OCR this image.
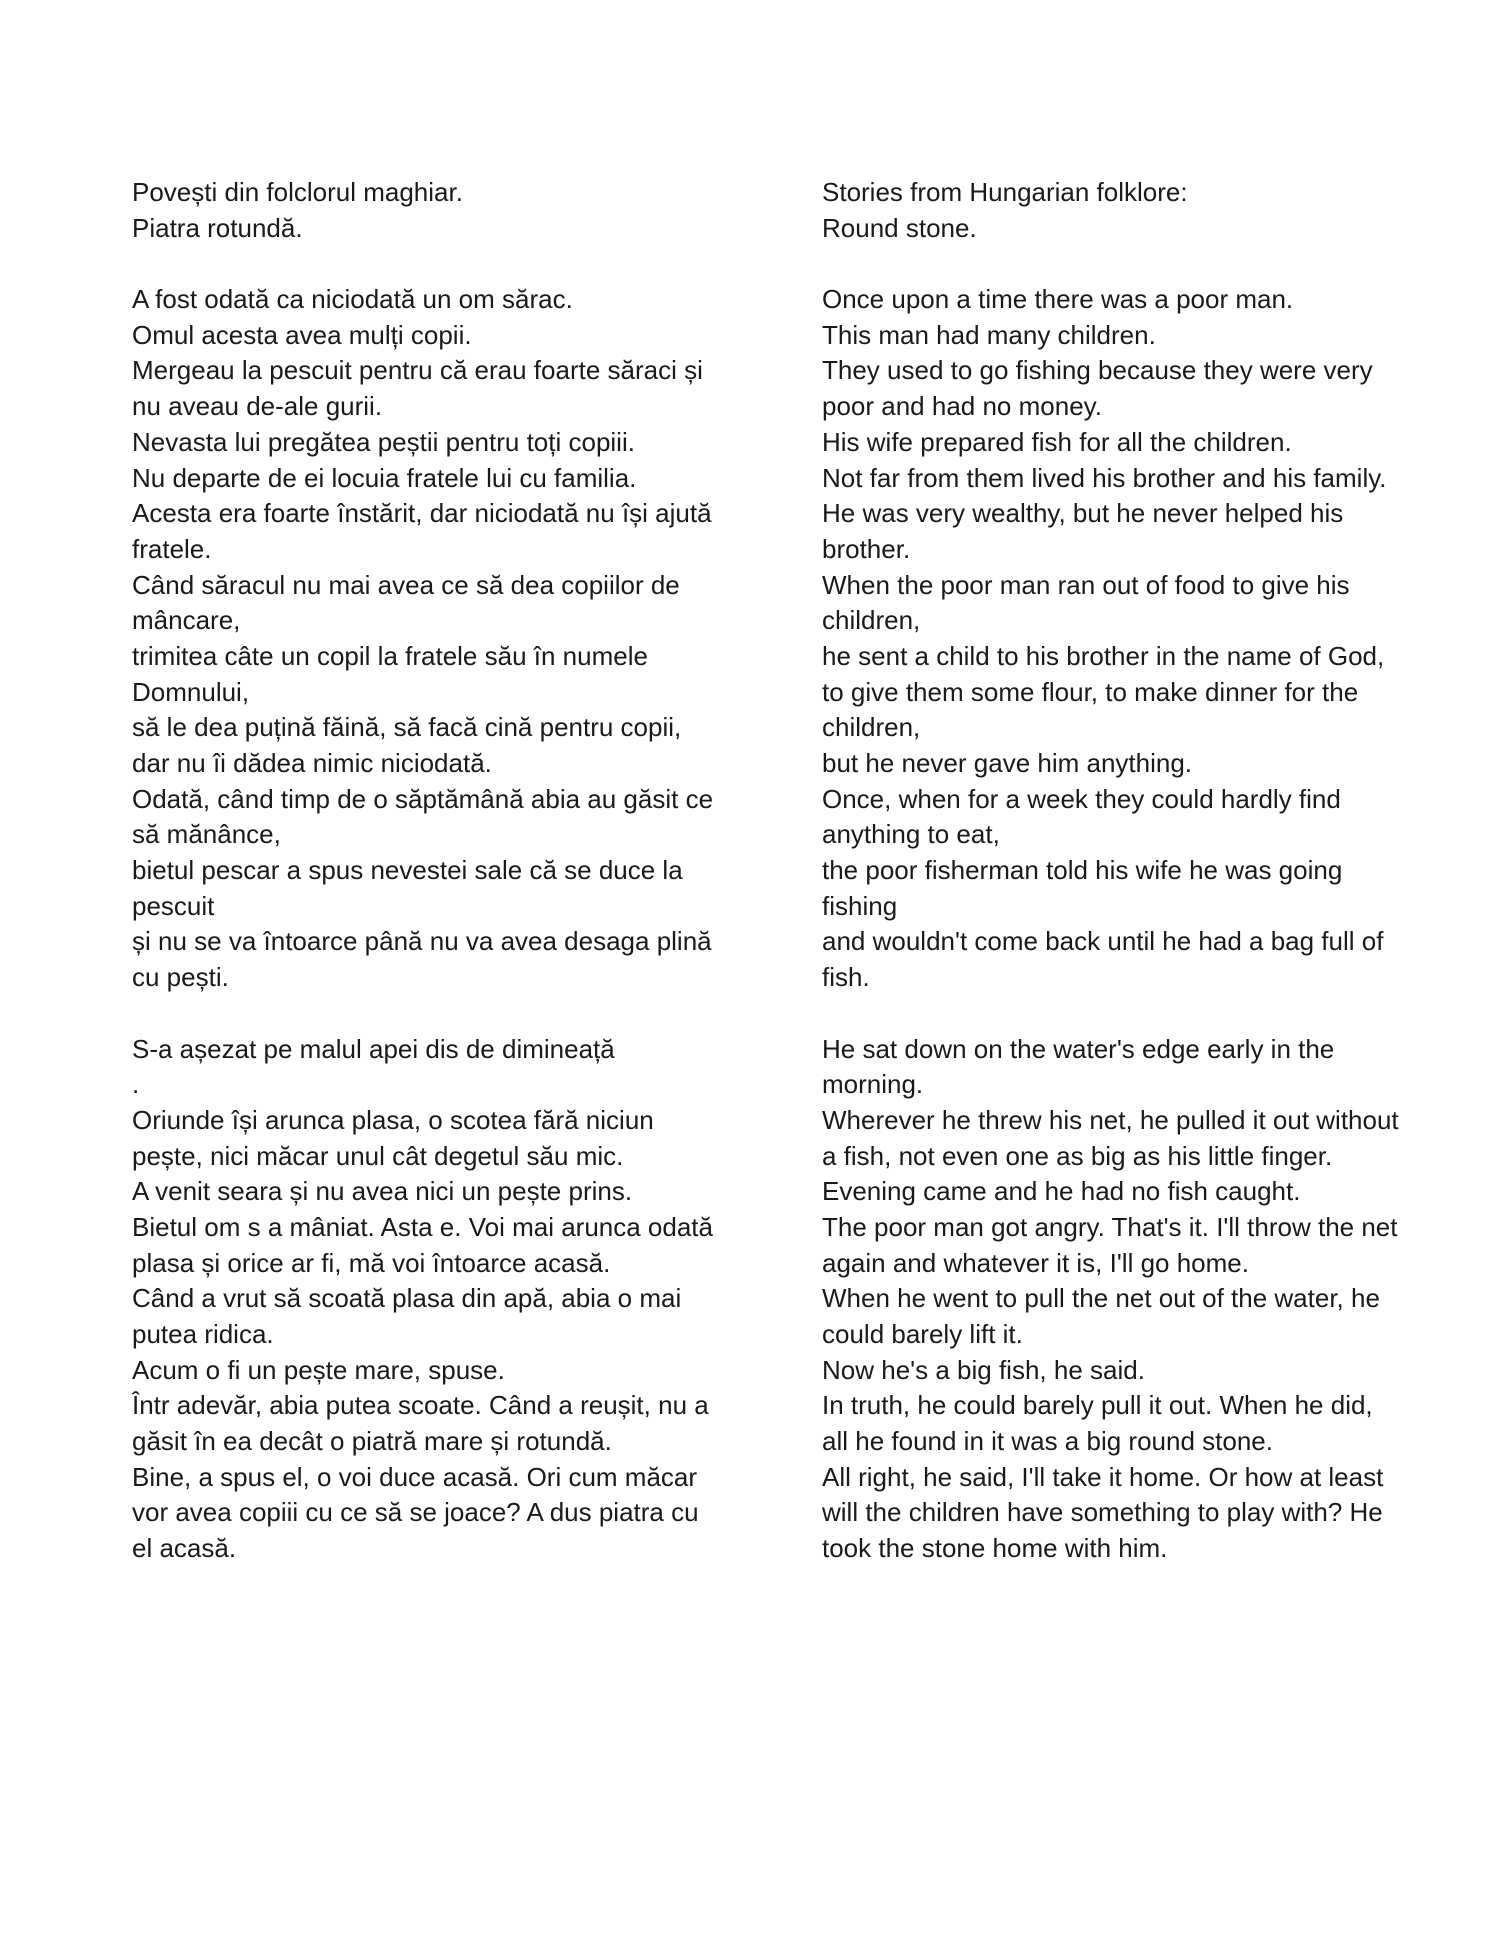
Povești din folclorul maghiar.
Piatra rotundă.
A fost odată ca niciodată un om sărac.
Omul acesta avea mulți copii.
Mergeau la pescuit pentru că erau foarte săraci și
nu aveau de-ale gurii.
Nevasta lui pregătea peștii pentru toți copiii.
Nu departe de ei locuia fratele lui cu familia.
Acesta era foarte înstărit, dar niciodată nu își ajută
fratele.
Când săracul nu mai avea ce să dea copiilor de
mâncare,
trimitea câte un copil la fratele său în numele
Domnului,
să le dea puțină făină, să facă cină pentru copii,
dar nu îi dădea nimic niciodată.
Odată, când timp de o săptămână abia au găsit ce
să mănânce,
bietul pescar a spus nevestei sale că se duce la
pescuit
și nu se va întoarce până nu va avea desaga plină
cu pești.
S-a așezat pe malul apei dis de dimineață
.
Oriunde își arunca plasa, o scotea fără niciun
pește, nici măcar unul cât degetul său mic.
A venit seara și nu avea nici un pește prins.
Bietul om s a mâniat. Asta e. Voi mai arunca odată
plasa și orice ar fi, mă voi întoarce acasă.
Când a vrut să scoată plasa din apă, abia o mai
putea ridica.
Acum o fi un pește mare, spuse.
Într adevăr, abia putea scoate. Când a reușit, nu a
găsit în ea decât o piatră mare și rotundă.
Bine, a spus el, o voi duce acasă. Ori cum măcar
vor avea copiii cu ce să se joace? A dus piatra cu
el acasă.
Stories from Hungarian folklore:
Round stone.
Once upon a time there was a poor man.
This man had many children.
They used to go fishing because they were very
poor and had no money.
His wife prepared fish for all the children.
Not far from them lived his brother and his family.
He was very wealthy, but he never helped his
brother.
When the poor man ran out of food to give his
children,
he sent a child to his brother in the name of God,
to give them some flour, to make dinner for the
children,
but he never gave him anything.
Once, when for a week they could hardly find
anything to eat,
the poor fisherman told his wife he was going
fishing
and wouldn't come back until he had a bag full of
fish.
He sat down on the water's edge early in the
morning.
Wherever he threw his net, he pulled it out without
a fish, not even one as big as his little finger.
Evening came and he had no fish caught.
The poor man got angry. That's it. I'll throw the net
again and whatever it is, I'll go home.
When he went to pull the net out of the water, he
could barely lift it.
Now he's a big fish, he said.
In truth, he could barely pull it out. When he did,
all he found in it was a big round stone.
All right, he said, I'll take it home. Or how at least
will the children have something to play with? He
took the stone home with him.
